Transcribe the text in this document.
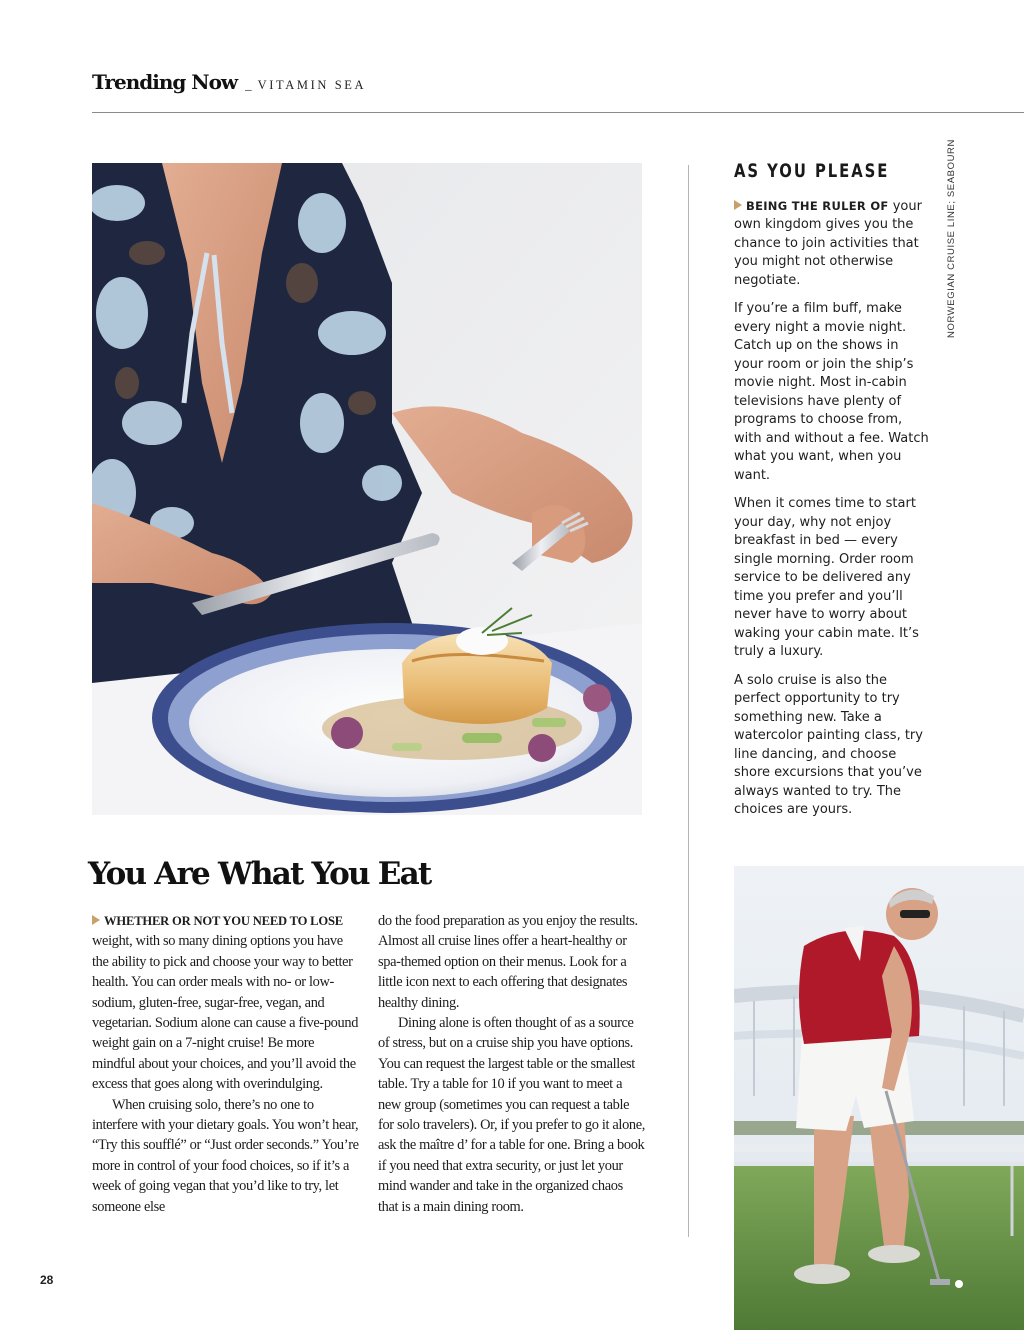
Trending Now _ VITAMIN SEA
AS YOU PLEASE

BEING THE RULER OF your own kingdom gives you the chance to join activities that you might not otherwise negotiate.

If you’re a film buff, make every night a movie night. Catch up on the shows in your room or join the ship’s movie night. Most in-cabin televisions have plenty of programs to choose from, with and without a fee. Watch what you want, when you want.

When it comes time to start your day, why not enjoy breakfast in bed — every single morning. Order room service to be delivered any time you prefer and you’ll never have to worry about waking your cabin mate. It’s truly a luxury.

A solo cruise is also the perfect opportunity to try something new. Take a watercolor painting class, try line dancing, and choose shore excursions that you’ve always wanted to try. The choices are yours.

NORWEGIAN CRUISE LINE; SEABOURN
You Are What You Eat

WHETHER OR NOT YOU NEED TO LOSE weight, with so many dining options you have the ability to pick and choose your way to better health. You can order meals with no- or low-sodium, gluten-free, sugar-free, vegan, and vegetarian. Sodium alone can cause a five-pound weight gain on a 7-night cruise! Be more mindful about your choices, and you’ll avoid the excess that goes along with overindulging.

When cruising solo, there’s no one to interfere with your dietary goals. You won’t hear, “Try this soufflé” or “Just order seconds.” You’re more in control of your food choices, so if it’s a week of going vegan that you’d like to try, let someone else

do the food preparation as you enjoy the results. Almost all cruise lines offer a heart-healthy or spa-themed option on their menus. Look for a little icon next to each offering that designates healthy dining.

Dining alone is often thought of as a source of stress, but on a cruise ship you have options. You can request the largest table or the smallest table. Try a table for 10 if you want to meet a new group (sometimes you can request a table for solo travelers). Or, if you prefer to go it alone, ask the maître d’ for a table for one. Bring a book if you need that extra security, or just let your mind wander and take in the organized chaos that is a main dining room.

28
